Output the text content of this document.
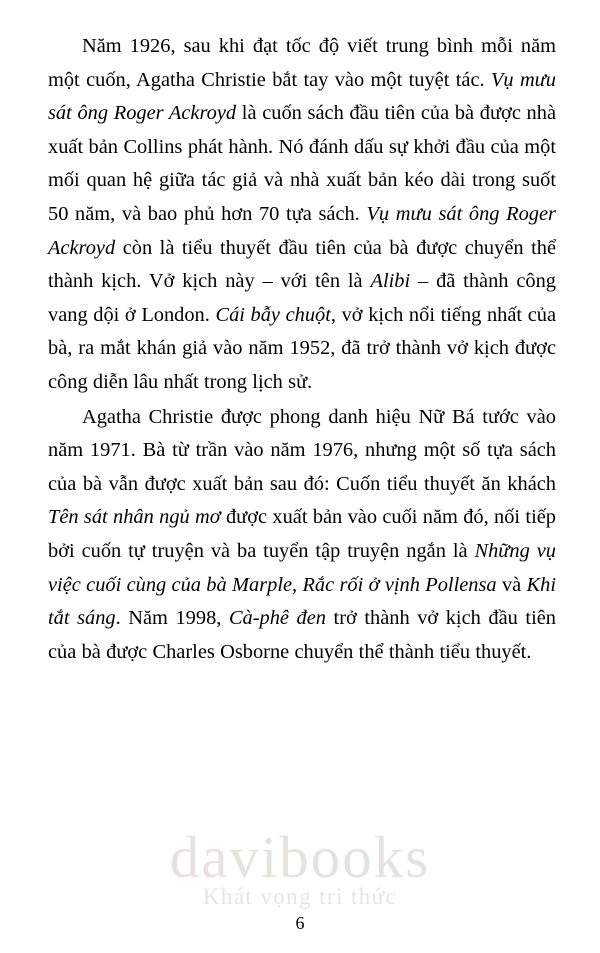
Năm 1926, sau khi đạt tốc độ viết trung bình mỗi năm một cuốn, Agatha Christie bắt tay vào một tuyệt tác. Vụ mưu sát ông Roger Ackroyd là cuốn sách đầu tiên của bà được nhà xuất bản Collins phát hành. Nó đánh dấu sự khởi đầu của một mối quan hệ giữa tác giả và nhà xuất bản kéo dài trong suốt 50 năm, và bao phủ hơn 70 tựa sách. Vụ mưu sát ông Roger Ackroyd còn là tiểu thuyết đầu tiên của bà được chuyển thể thành kịch. Vở kịch này – với tên là Alibi – đã thành công vang dội ở London. Cái bẫy chuột, vở kịch nổi tiếng nhất của bà, ra mắt khán giả vào năm 1952, đã trở thành vở kịch được công diễn lâu nhất trong lịch sử.

Agatha Christie được phong danh hiệu Nữ Bá tước vào năm 1971. Bà từ trần vào năm 1976, nhưng một số tựa sách của bà vẫn được xuất bản sau đó: Cuốn tiểu thuyết ăn khách Tên sát nhân ngủ mơ được xuất bản vào cuối năm đó, nối tiếp bởi cuốn tự truyện và ba tuyển tập truyện ngắn là Những vụ việc cuối cùng của bà Marple, Rắc rối ở vịnh Pollensa và Khi tắt sáng. Năm 1998, Cà-phê đen trở thành vở kịch đầu tiên của bà được Charles Osborne chuyển thể thành tiểu thuyết.

davibooks
Khát vọng tri thức
6
